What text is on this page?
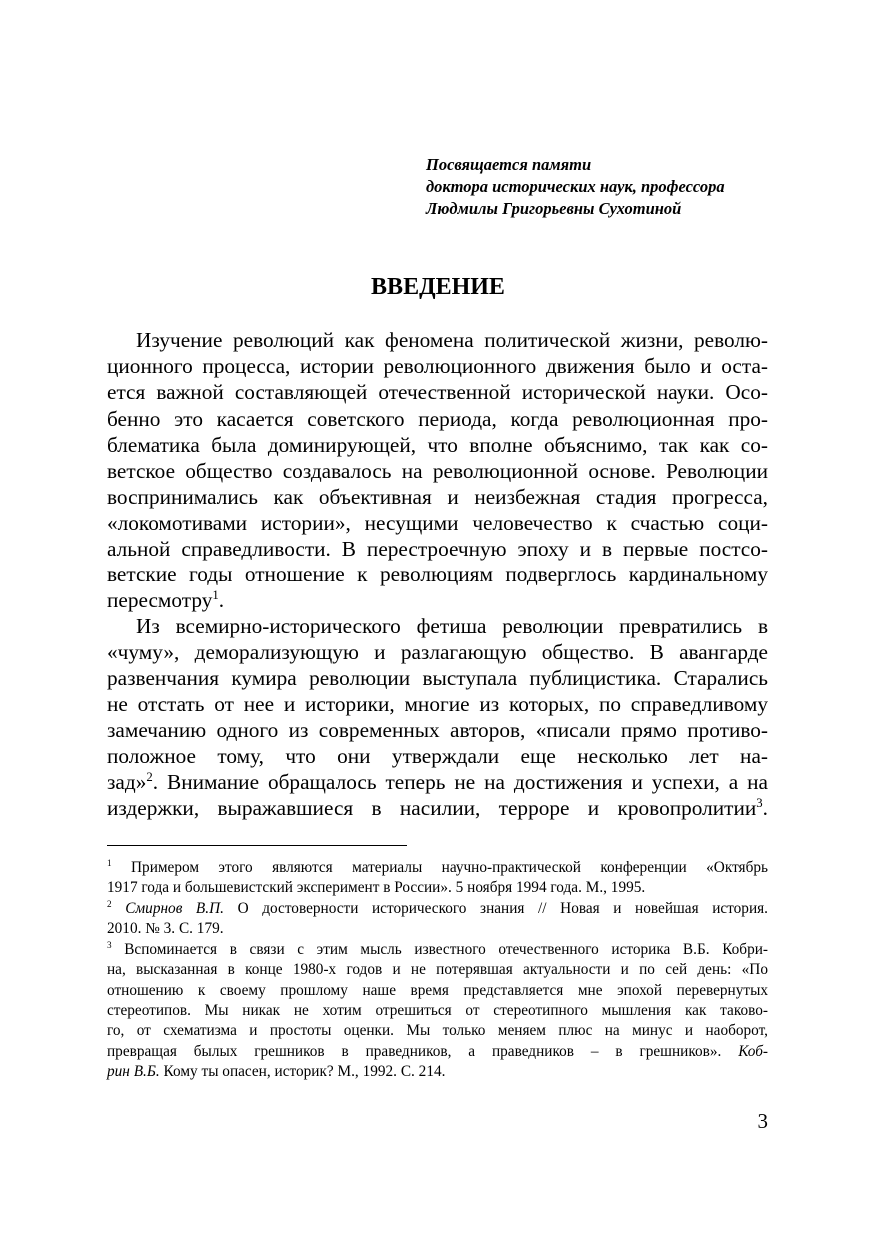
Посвящается памяти
доктора исторических наук, профессора
Людмилы Григорьевны Сухотиной
ВВЕДЕНИЕ
Изучение революций как феномена политической жизни, револю-
ционного процесса, истории революционного движения было и оста-
ется важной составляющей отечественной исторической науки. Осо-
бенно это касается советского периода, когда революционная про-
блематика была доминирующей, что вполне объяснимо, так как со-
ветское общество создавалось на революционной основе. Революции
воспринимались как объективная и неизбежная стадия прогресса,
«локомотивами истории», несущими человечество к счастью соци-
альной справедливости. В перестроечную эпоху и в первые постсо-
ветские годы отношение к революциям подверглось кардинальному
пересмотру$^1$.
Из всемирно-исторического фетиша революции превратились в
«чуму», деморализующую и разлагающую общество. В авангарде
развенчания кумира революции выступала публицистика. Старались
не отстать от нее и историки, многие из которых, по справедливому
замечанию одного из современных авторов, «писали прямо противо-
положное тому, что они утверждали еще несколько лет на-
зад»$^2$. Внимание обращалось теперь не на достижения и успехи, а на
издержки, выражавшиеся в насилии, терроре и кровопролитии$^3$.
$^1$ Примером этого являются материалы научно-практической конференции «Октябрь
1917 года и большевистский эксперимент в России». 5 ноября 1994 года. М., 1995.
$^2$ Смирнов В.П. О достоверности исторического знания // Новая и новейшая история.
2010. № 3. С. 179.
$^3$ Вспоминается в связи с этим мысль известного отечественного историка В.Б. Кобри-
на, высказанная в конце 1980-х годов и не потерявшая актуальности и по сей день: «По
отношению к своему прошлому наше время представляется мне эпохой перевернутых
стереотипов. Мы никак не хотим отрешиться от стереотипного мышления как таково-
го, от схематизма и простоты оценки. Мы только меняем плюс на минус и наоборот,
превращая былых грешников в праведников, а праведников – в грешников». Коб-
рин В.Б. Кому ты опасен, историк? М., 1992. С. 214.
3
